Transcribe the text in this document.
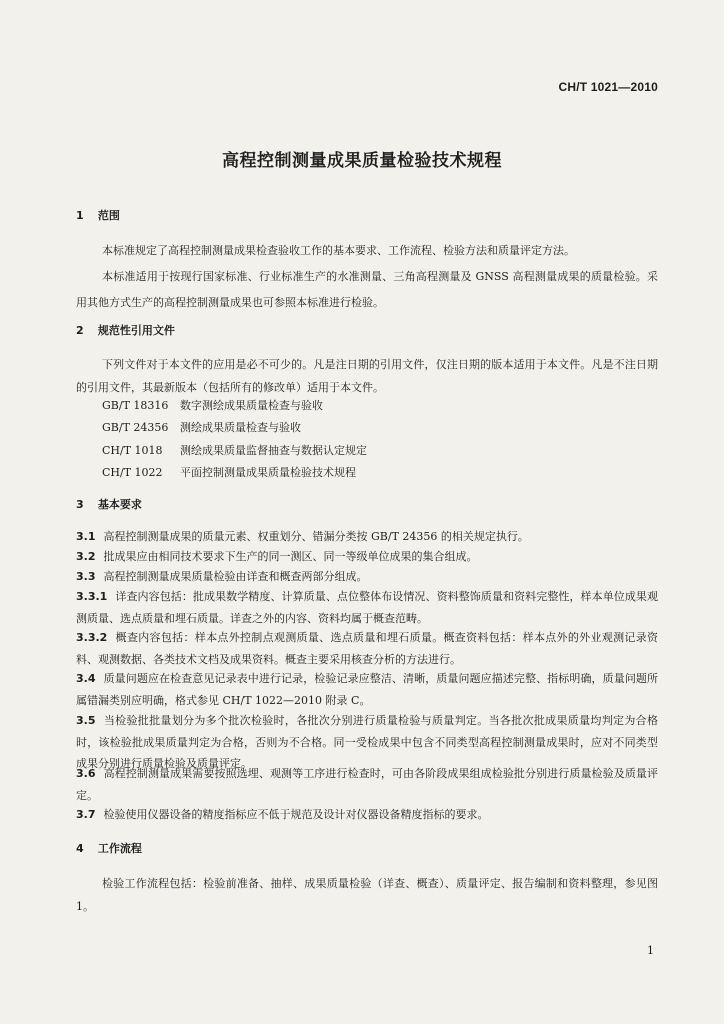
CH/T 1021—2010
高程控制测量成果质量检验技术规程
1 范围
本标准规定了高程控制测量成果检查验收工作的基本要求、工作流程、检验方法和质量评定方法。
本标准适用于按现行国家标准、行业标准生产的水准测量、三角高程测量及 GNSS 高程测量成果的质量检验。采用其他方式生产的高程控制测量成果也可参照本标准进行检验。
2 规范性引用文件
下列文件对于本文件的应用是必不可少的。凡是注日期的引用文件，仅注日期的版本适用于本文件。凡是不注日期的引用文件，其最新版本（包括所有的修改单）适用于本文件。
GB/T 18316 数字测绘成果质量检查与验收
GB/T 24356 测绘成果质量检查与验收
CH/T 1018 测绘成果质量监督抽查与数据认定规定
CH/T 1022 平面控制测量成果质量检验技术规程
3 基本要求
3.1 高程控制测量成果的质量元素、权重划分、错漏分类按 GB/T 24356 的相关规定执行。
3.2 批成果应由相同技术要求下生产的同一测区、同一等级单位成果的集合组成。
3.3 高程控制测量成果质量检验由详查和概查两部分组成。
3.3.1 详查内容包括：批成果数学精度、计算质量、点位整体布设情况、资料整饰质量和资料完整性，样本单位成果观测质量、选点质量和埋石质量。详查之外的内容、资料均属于概查范畴。
3.3.2 概查内容包括：样本点外控制点观测质量、选点质量和埋石质量。概查资料包括：样本点外的外业观测记录资料、观测数据、各类技术文档及成果资料。概查主要采用核查分析的方法进行。
3.4 质量问题应在检查意见记录表中进行记录，检验记录应整洁、清晰，质量问题应描述完整、指标明确，质量问题所属错漏类别应明确，格式参见 CH/T 1022—2010 附录 C。
3.5 当检验批批量划分为多个批次检验时，各批次分别进行质量检验与质量判定。当各批次批成果质量均判定为合格时，该检验批成果质量判定为合格，否则为不合格。同一受检成果中包含不同类型高程控制测量成果时，应对不同类型成果分别进行质量检验及质量评定。
3.6 高程控制测量成果需要按照选埋、观测等工序进行检查时，可由各阶段成果组成检验批分别进行质量检验及质量评定。
3.7 检验使用仪器设备的精度指标应不低于规范及设计对仪器设备精度指标的要求。
4 工作流程
检验工作流程包括：检验前准备、抽样、成果质量检验（详查、概查）、质量评定、报告编制和资料整理，参见图 1。
1
